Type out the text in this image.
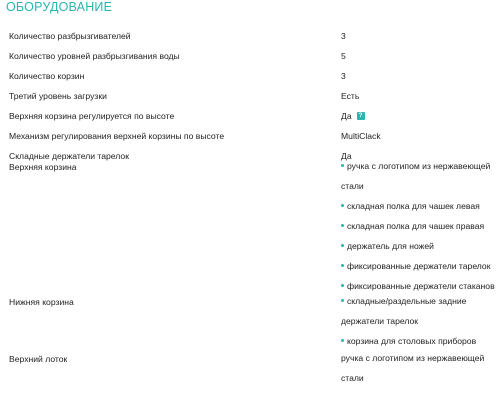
ОБОРУДОВАНИЕ
Количество разбрызгивателей	3
Количество уровней разбрызгивания воды	5
Количество корзин	3
Третий уровень загрузки	Есть
Верхняя корзина регулируется по высоте	Да ?
Механизм регулирования верхней корзины по высоте	MultiClack
Складные держатели тарелок	Да
Верхняя корзина	ручка с логотипом из нержавеющей
стали
складная полка для чашек левая
складная полка для чашек правая
держатель для ножей
фиксированные держатели тарелок
фиксированные держатели стаканов
Нижняя корзина	складные/раздельные задние
держатели тарелок
корзина для столовых приборов
Верхний лоток	ручка с логотипом из нержавеющей
стали
